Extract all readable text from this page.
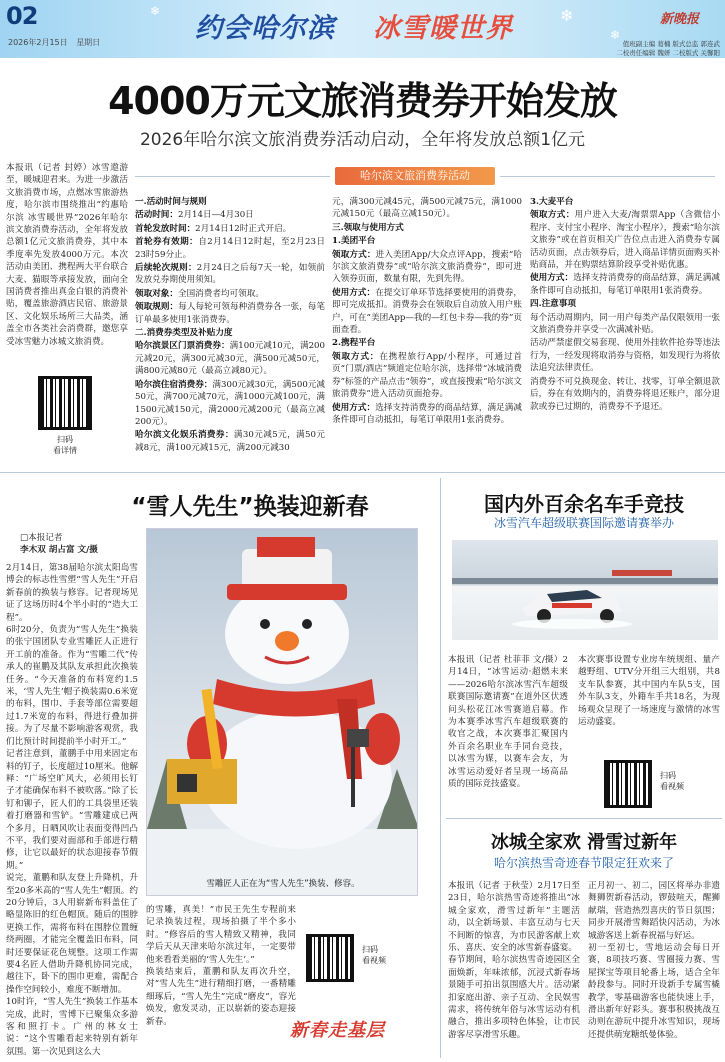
❄
❄
❄
02
2026年2月15日 星期日	约会哈尔滨 冰雪暖世界	新晚报
值班副主编 葛楠 版式总监 郭连武
二校责任编辑 魏妍 二校版式 关馨阳
4000万元文旅消费券开始发放
2026年哈尔滨文旅消费券活动启动，全年将发放总额1亿元
本报讯（记者 封婷）冰雪遨游至，暖城迎君来。为进一步激活文旅消费市场，点燃冰雪旅游热度，哈尔滨市围绕推出“约惠哈尔滨 冰雪暖世界”2026年哈尔滨文旅消费券活动，全年将发放总额1亿元文旅消费券，其中本季度率先发放4000万元。本次活动由美团、携程两大平台联合大麦、猫眼等承接发放，面向全国消费者推出真金白银的消费补贴，覆盖旅游酒店民宿、旅游景区、文化娱乐场所三大品类，涵盖全市各类社会消费群，邀您享受冰雪魅力冰城文旅消费。
扫码
看详情
哈尔滨文旅消费券活动
一.活动时间与规则
活动时间：2月14日—4月30日
首轮发放时间：2月14日12时正式开启。
首轮券有效期：自2月14日12时起，至2月23日23时59分止。
后续轮次规则：2月24日之后每7天一轮，如领前发放兑券期使用须知。
领取对象：全国消费者均可领取。
领取规则：每人每轮可领每种消费券各一张，每笔订单最多使用1张消费券。
二.消费券类型及补贴力度
哈尔滨景区门票消费券：满100元减10元，满200元减20元，满300元减30元，满500元减50元，满800元减80元（最高立减80元）。
哈尔滨住宿消费券：满300元减30元，满500元减50元，满700元减70元，满1000元减100元，满1500元减150元，满2000元减200元（最高立减200元）。
哈尔滨文化娱乐消费券：满30元减5元，满50元减8元，满100元减15元，满200元减30
元，满300元减45元，满500元减75元，满1000元减150元（最高立减150元）。
三.领取与使用方式
1.美团平台
领取方式：进入美团App/大众点评App，搜索“哈尔滨文旅消费券”或“哈尔滨文旅消费券”，即可进入领券页面，数量有限，先到先得。
使用方式：在提交订单环节选择要使用的消费券，即可完成抵扣。消费券会在领取后自动放入用户账户，可在“美团App—我的—红包卡券—我的券”页面查看。
2.携程平台
领取方式：在携程旅行App/小程序，可通过首页“门票/酒店”频道定位哈尔滨，选择带“冰城消费券”标签的产品点击“领券”，或直接搜索“哈尔滨文旅消费券”进入活动页面抢券。
使用方式：选择支持消费券的商品结算，满足满减条件即可自动抵扣，每笔订单限用1张消费券。
3.大麦平台
领取方式：用户进入大麦/淘票票App（含微信小程序、支付宝小程序、淘宝小程序），搜索“哈尔滨文旅券”或在首页相关广告位点击进入消费券专属活动页面，点击领券后，进入商品详情页面购买补贴商品，并在购票结算阶段享受补贴优惠。
使用方式：选择支持消费券的商品结算，满足满减条件即可自动抵扣，每笔订单限用1张消费券。
四.注意事项
每个活动周期内，同一用户每类产品仅限领用一张文旅消费券并享受一次满减补贴。
活动严禁虚假交易套现、使用外挂软件抢券等违法行为，一经发现将取消券与资格，如发现行为将依法追究法律责任。
消费券不可兑换现金、转让、找零，订单全额退款后，券在有效期内的，消费券将退还账户，部分退款或券已过期的，消费券不予退还。
“雪人先生”换装迎新春
□本报记者
李木双 胡占富 文/摄
2月14日，第38届哈尔滨太阳岛雪博会的标志性雪塑“雪人先生”开启新春前的换装与修容。记者现场见证了这场历时4个半小时的“造大工程”。
6时20分，负责为“雪人先生”换装的张宁国团队专业雪雕匠人正进行开工前的准备。作为“雪雕二代”传承人的崔鹏及其队友承担此次换装任务。“今天准备的布料宽约1.5米，‘雪人先生’帽子换装需0.6米宽的布料，围巾、手套等部位需要超过1.7米宽的布料，得进行叠加拼接。为了尽量不影响游客观赏，我们比预计时间提前半小时开工。”
记者注意到，董鹏手中用来固定布料的钉子，长度超过10厘米。他解释：“广场空旷风大，必须用长钉子才能确保布料不被吹落。”除了长钉和铆子，匠人们的工具袋里还装着打磨器和雪铲。“雪雕建成已两个多月，日晒风吹让表面变得凹凸不平，我们要对面部和手部进行精修，让它以最好的状态迎接春节假期。”
说完，董鹏和队友登上升降机，升至20多米高的“雪人先生”帽顶。约20分钟后，3人用崭新布料盖住了略显陈旧的红色帽顶。随后的围脖更换工作，需将布料在围脖位置缠绕两圈，才能完全覆盖旧布料，同时还要保证花色规整。这项工作需要4名匠人借助升降机协同完成，越往下，卧下的围巾更难，需配合操作空间较小，难度不断增加。
10时许，“雪人先生”换装工作基本完成，此时，雪博下已聚集众多游客和照打卡。广州的林女士说：“这个雪雕看起来特别有新年氛围。第一次见到这么大
雪雕匠人正在为“雪人先生”换装、修容。
的雪雕，真美！”市民王先生专程前来记录换装过程，现场拍摄了半个多小时。“修容后的雪人精致又精神，我同学后天从天津来哈尔滨过年，一定要带他来看看美丽的‘雪人先生’。”
换装结束后，董鹏和队友再次升空，对“雪人先生”进行精细打磨，一番精雕细琢后，“雪人先生”完成“磨皮”，容光焕发，愈发灵动，正以崭新的姿态迎接新春。
扫码
看视频
新春走基层
国内外百余名车手竞技
冰雪汽车超级联赛国际邀请赛举办
本报讯（记者 杜菲菲 文/摄）2月14日，“冰雪运动·超燃未来——2026哈尔滨冰雪汽车超级联赛国际邀请赛”在道外区伏透问头松花江冰雪赛道启幕。作为本赛季冰雪汽车超级联赛的收官之战，本次赛事汇聚国内外百余名职业车手同台竞技，以冰雪为媒，以赛车会友，为冰雪运动爱好者呈现一场高品质的国际竞技盛宴。
本次赛事设置专业房车统规组、量产越野组、UTV分开组三大组别，共8支车队参赛，其中国内车队5支，国外车队3支，外籍车手共18名，为现场观众呈现了一场速度与激情的冰雪运动盛宴。
扫码
看视频
冰城全家欢 滑雪过新年
哈尔滨热雪奇迹春节限定狂欢来了
本报讯（记者 于秋莹）2月17日至23日，哈尔滨热雪奇迹将推出“冰城全家欢，滑雪过新年”主题活动，以全新场景、丰富互动与七天不间断的惊喜，为市民游客献上欢乐、喜庆、安全的冰雪新春盛宴。
春节期间，哈尔滨热雪奇迹园区全面焕新，年味浓郁，沉浸式新春场景随手可拍出氛围感大片。活动紧扣家庭出游、亲子互动、全民娱雪需求，将传统年俗与冰雪运动有机融合，推出多项特色体验，让市民游客尽享滑雪乐趣。
正月初一、初二，园区将举办非遗舞狮贺新春活动，锣鼓喧天，醒狮献瑞，营造热烈喜庆的节日氛围；同步开展滑雪舞蹈快闪活动，为冰城游客送上新春祝福与好运。
初一至初七，雪地运动会每日开赛，8项技巧赛、雪圈接力赛、雪屋探宝等项目轮番上场，适合全年龄段参与。同时开设新手专属雪橇教学，零基础游客也能快速上手，滑出新年好彩头。赛事积极挑战互动则在游玩中提升冰雪知识，现场还提供萌宠糖纸曼体验。
